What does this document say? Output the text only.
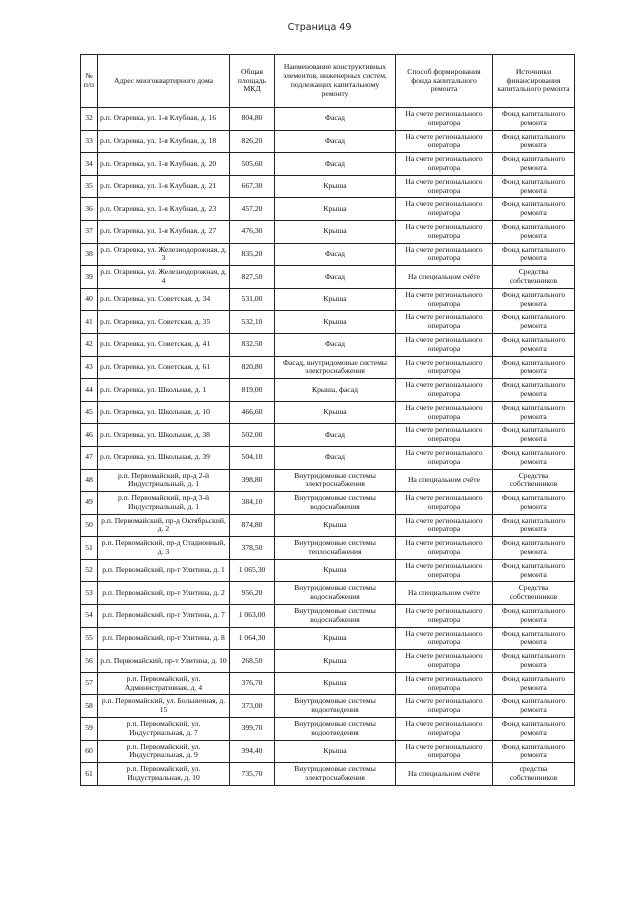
Страница 49
№ п/п	Адрес многоквартирного дома	Общая площадь МКД	Наименование конструктивных элементов, инженерных систем, подлежащих капитальному ремонту	Способ формирования фонда капитального ремонта	Источники финансирования капитального ремонта
32	р.п. Огаревка, ул. 1-я Клубная, д. 16	804,80	Фасад	На счете регионального оператора	Фонд капитального ремонта
33	р.п. Огаревка, ул. 1-я Клубная, д. 18	826,20	Фасад	На счете регионального оператора	Фонд капитального ремонта
34	р.п. Огаревка, ул. 1-я Клубная, д. 20	505,60	Фасад	На счете регионального оператора	Фонд капитального ремонта
35	р.п. Огаревка, ул. 1-я Клубная, д. 21	667,30	Крыша	На счете регионального оператора	Фонд капитального ремонта
36	р.п. Огаревка, ул. 1-я Клубная, д. 23	457,20	Крыша	На счете регионального оператора	Фонд капитального ремонта
37	р.п. Огаревка, ул. 1-я Клубная, д. 27	476,30	Крыша	На счете регионального оператора	Фонд капитального ремонта
38	р.п. Огаревка, ул. Железнодорожная, д. 3	835,20	Фасад	На счете регионального оператора	Фонд капитального ремонта
39	р.п. Огаревка, ул. Железнодорожная, д. 4	827,50	Фасад	На специальном счёте	Средства собственников
40	р.п. Огаревка, ул. Советская, д. 34	531,00	Крыша	На счете регионального оператора	Фонд капитального ремонта
41	р.п. Огаревка, ул. Советская, д. 35	532,10	Крыша	На счете регионального оператора	Фонд капитального ремонта
42	р.п. Огаревка, ул. Советская, д. 41	832,50	Фасад	На счете регионального оператора	Фонд капитального ремонта
43	р.п. Огаревка, ул. Советская, д. 61	820,80	Фасад, внутридомовые системы электроснабжения	На счете регионального оператора	Фонд капитального ремонта
44	р.п. Огаревка, ул. Школьная, д. 1	819,00	Крыша, фасад	На счете регионального оператора	Фонд капитального ремонта
45	р.п. Огаревка, ул. Школьная, д. 10	466,60	Крыша	На счете регионального оператора	Фонд капитального ремонта
46	р.п. Огаревка, ул. Школьная, д. 38	502,00	Фасад	На счете регионального оператора	Фонд капитального ремонта
47	р.п. Огаревка, ул. Школьная, д. 39	504,10	Фасад	На счете регионального оператора	Фонд капитального ремонта
48	р.п. Первомайский, пр-д 2-й Индустриальный, д. 1	398,80	Внутридомовые системы электроснабжения	На специальном счёте	Средства собственников
49	р.п. Первомайский, пр-д 3-й Индустриальный, д. 1	384,10	Внутридомовые системы водоснабжения	На счете регионального оператора	Фонд капитального ремонта
50	р.п. Первомайский, пр-д Октябрьский, д. 2	874,80	Крыша	На счете регионального оператора	Фонд капитального ремонта
51	р.п. Первомайский, пр-д Стадионный, д. 3	378,50	Внутридомовые системы теплоснабжения	На счете регионального оператора	Фонд капитального ремонта
52	р.п. Первомайский, пр-т Улитина, д. 1	1 065,30	Крыша	На счете регионального оператора	Фонд капитального ремонта
53	р.п. Первомайский, пр-т Улитина, д. 2	956,20	Внутридомовые системы водоснабжения	На специальном счёте	Средства собственников
54	р.п. Первомайский, пр-т Улитина, д. 7	1 063,00	Внутридомовые системы водоснабжения	На счете регионального оператора	Фонд капитального ремонта
55	р.п. Первомайский, пр-т Улитина, д. 8	1 064,30	Крыша	На счете регионального оператора	Фонд капитального ремонта
56	р.п. Первомайский, пр-т Улитина, д. 10	268,50	Крыша	На счете регионального оператора	Фонд капитального ремонта
57	р.п. Первомайский, ул. Административная, д. 4	376,70	Крыша	На счете регионального оператора	Фонд капитального ремонта
58	р.п. Первомайский, ул. Больничная, д. 15	373,00	Внутридомовые системы водоотведения	На счете регионального оператора	Фонд капитального ремонта
59	р.п. Первомайский, ул. Индустриальная, д. 7	399,70	Внутридомовые системы водоотведения	На счете регионального оператора	Фонд капитального ремонта
60	р.п. Первомайский, ул. Индустриальная, д. 9	394,40	Крыша	На счете регионального оператора	Фонд капитального ремонта
61	р.п. Первомайский, ул. Индустриальная, д. 10	735,70	Внутридомовые системы электроснабжения	На специальном счёте	средства собственников
